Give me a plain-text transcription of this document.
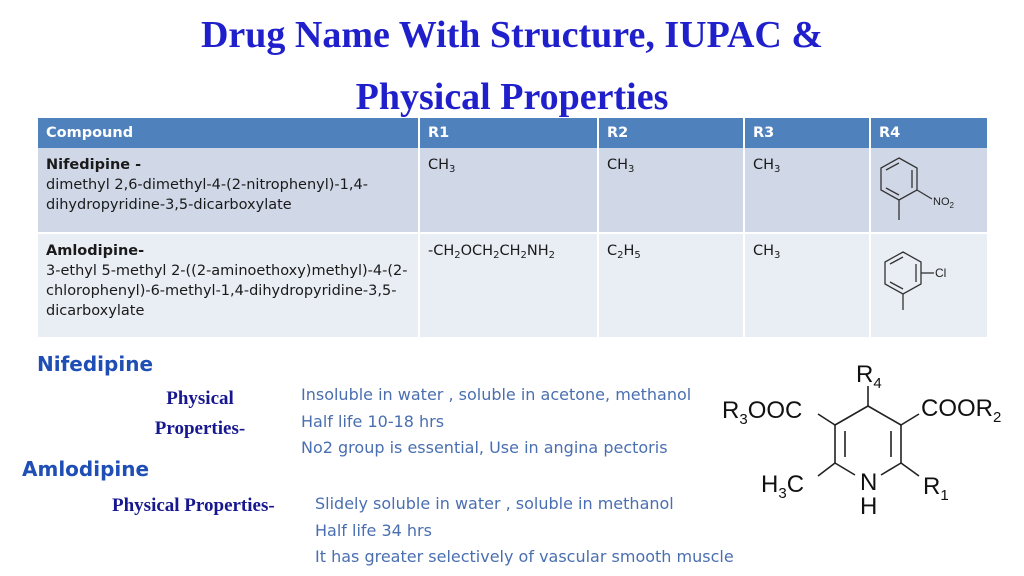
Drug Name With Structure, IUPAC &
Physical Properties
Compound	R1	R2	R3	R4

Nifedipine -
dimethyl 2,6-dimethyl-4-(2-nitrophenyl)-1,4-dihydropyridine-3,5-dicarboxylate	$CH_3$	$CH_3$	$CH_3$	$NO_2$

Amlodipine-
3-ethyl 5-methyl 2-((2-aminoethoxy)methyl)-4-(2-chlorophenyl)-6-methyl-1,4-dihydropyridine-3,5-dicarboxylate	$-CH_2OCH_2CH_2NH_2$	$C_2H_5$	$CH_3$	Cl
Nifedipine
Physical
Properties-
Insoluble in water , soluble in acetone, methanol
Half life 10-18 hrs
No2 group is essential, Use in angina pectoris
Amlodipine
Physical Properties-	Slidely soluble in water , soluble in methanol
Half life 34 hrs
It has greater selectively of vascular smooth muscle
$R_4$
$R_3OOC$	$COOR_2$
$H_3C$ N
H
$R_1$
